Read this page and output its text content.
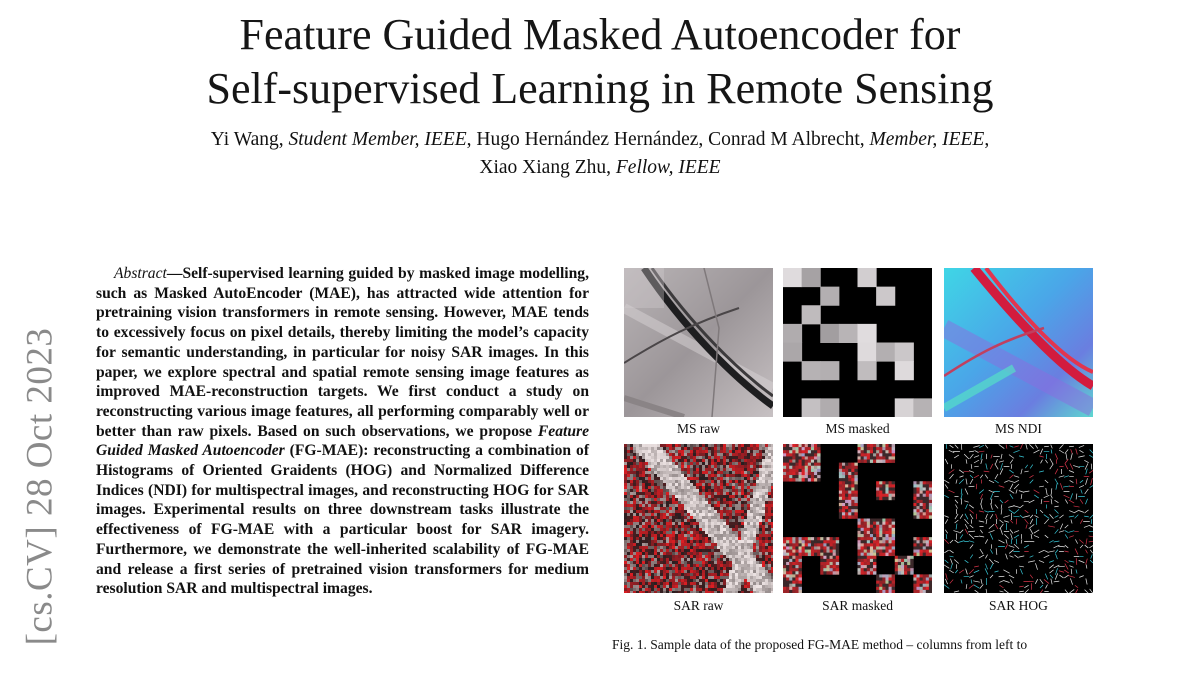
Feature Guided Masked Autoencoder for
Self-supervised Learning in Remote Sensing
Yi Wang, Student Member, IEEE, Hugo Hernández Hernández, Conrad M Albrecht, Member, IEEE,
Xiao Xiang Zhu, Fellow, IEEE
[cs.CV] 28 Oct 2023

Abstract—Self-supervised learning guided by masked image modelling, such as Masked AutoEncoder (MAE), has attracted wide attention for pretraining vision transformers in remote sensing. However, MAE tends to excessively focus on pixel details, thereby limiting the model’s capacity for semantic understanding, in particular for noisy SAR images. In this paper, we explore spectral and spatial remote sensing image features as improved MAE-reconstruction targets. We first conduct a study on reconstructing various image features, all performing comparably well or better than raw pixels. Based on such observations, we propose Feature Guided Masked Autoencoder (FG-MAE): reconstructing a combination of Histograms of Oriented Graidents (HOG) and Normalized Difference Indices (NDI) for multispectral images, and reconstructing HOG for SAR images. Experimental results on three downstream tasks illustrate the effectiveness of FG-MAE with a particular boost for SAR imagery. Furthermore, we demonstrate the well-inherited scalability of FG-MAE and release a first series of pretrained vision transformers for medium resolution SAR and multispectral images.

MS raw	MS masked	MS NDI
SAR raw	SAR masked	SAR HOG
Fig. 1. Sample data of the proposed FG-MAE method – columns from left to
